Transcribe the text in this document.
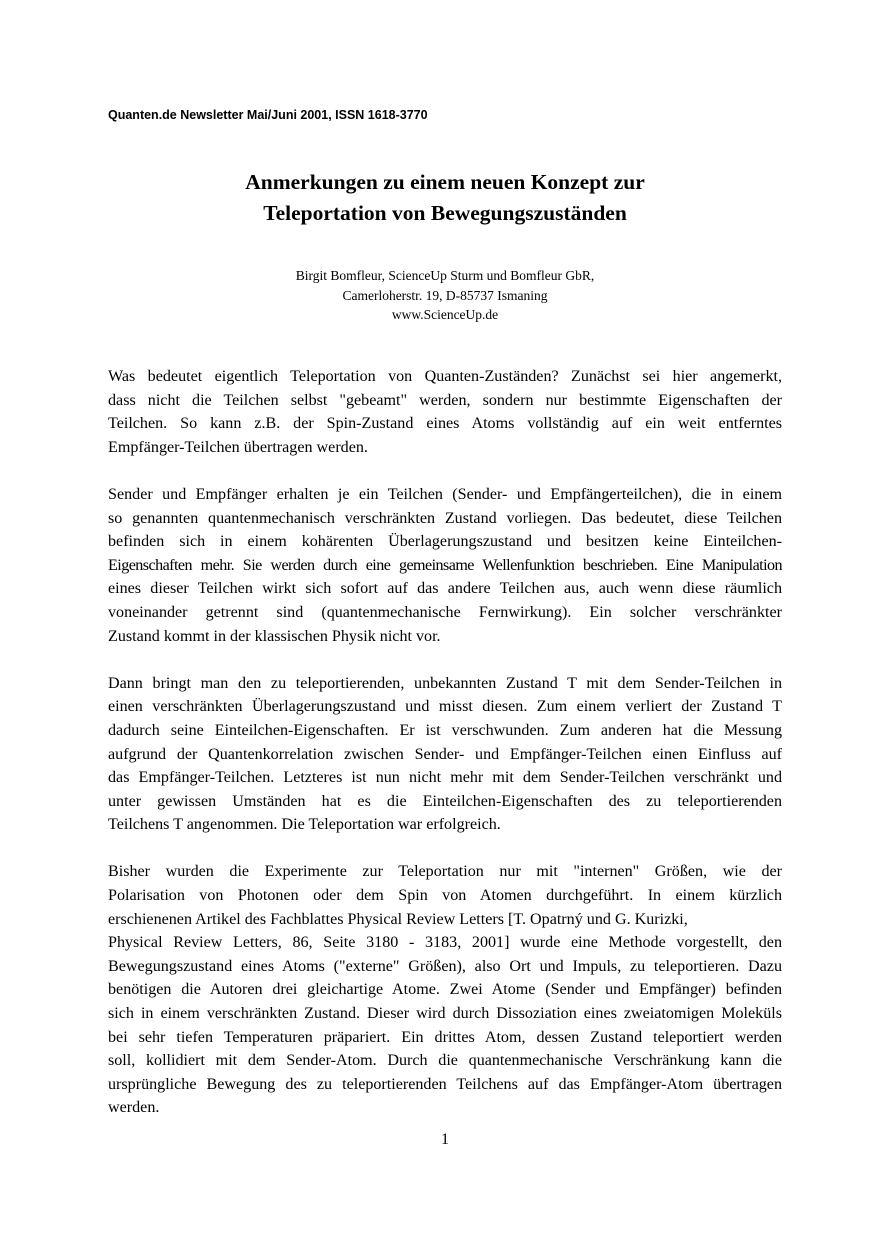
Quanten.de Newsletter Mai/Juni 2001, ISSN 1618-3770
Anmerkungen zu einem neuen Konzept zur
Teleportation von Bewegungszuständen
Birgit Bomfleur, ScienceUp Sturm und Bomfleur GbR,
Camerloherstr. 19, D-85737 Ismaning
www.ScienceUp.de
Was bedeutet eigentlich Teleportation von Quanten-Zuständen? Zunächst sei hier angemerkt,
dass nicht die Teilchen selbst "gebeamt" werden, sondern nur bestimmte Eigenschaften der
Teilchen. So kann z.B. der Spin-Zustand eines Atoms vollständig auf ein weit entferntes
Empfänger-Teilchen übertragen werden.
Sender und Empfänger erhalten je ein Teilchen (Sender- und Empfängerteilchen), die in einem
so genannten quantenmechanisch verschränkten Zustand vorliegen. Das bedeutet, diese Teilchen
befinden sich in einem kohärenten Überlagerungszustand und besitzen keine Einteilchen-
Eigenschaften mehr. Sie werden durch eine gemeinsame Wellenfunktion beschrieben. Eine Manipulation
eines dieser Teilchen wirkt sich sofort auf das andere Teilchen aus, auch wenn diese räumlich
voneinander getrennt sind (quantenmechanische Fernwirkung). Ein solcher verschränkter
Zustand kommt in der klassischen Physik nicht vor.
Dann bringt man den zu teleportierenden, unbekannten Zustand T mit dem Sender-Teilchen in
einen verschränkten Überlagerungszustand und misst diesen. Zum einem verliert der Zustand T
dadurch seine Einteilchen-Eigenschaften. Er ist verschwunden. Zum anderen hat die Messung
aufgrund der Quantenkorrelation zwischen Sender- und Empfänger-Teilchen einen Einfluss auf
das Empfänger-Teilchen. Letzteres ist nun nicht mehr mit dem Sender-Teilchen verschränkt und
unter gewissen Umständen hat es die Einteilchen-Eigenschaften des zu teleportierenden
Teilchens T angenommen. Die Teleportation war erfolgreich.
Bisher wurden die Experimente zur Teleportation nur mit "internen" Größen, wie der
Polarisation von Photonen oder dem Spin von Atomen durchgeführt. In einem kürzlich
erschienenen Artikel des Fachblattes Physical Review Letters [T. Opatrný und G. Kurizki,
Physical Review Letters, 86, Seite 3180 - 3183, 2001] wurde eine Methode vorgestellt, den
Bewegungszustand eines Atoms ("externe" Größen), also Ort und Impuls, zu teleportieren. Dazu
benötigen die Autoren drei gleichartige Atome. Zwei Atome (Sender und Empfänger) befinden
sich in einem verschränkten Zustand. Dieser wird durch Dissoziation eines zweiatomigen Moleküls
bei sehr tiefen Temperaturen präpariert. Ein drittes Atom, dessen Zustand teleportiert werden
soll, kollidiert mit dem Sender-Atom. Durch die quantenmechanische Verschränkung kann die
ursprüngliche Bewegung des zu teleportierenden Teilchens auf das Empfänger-Atom übertragen
werden.
1
